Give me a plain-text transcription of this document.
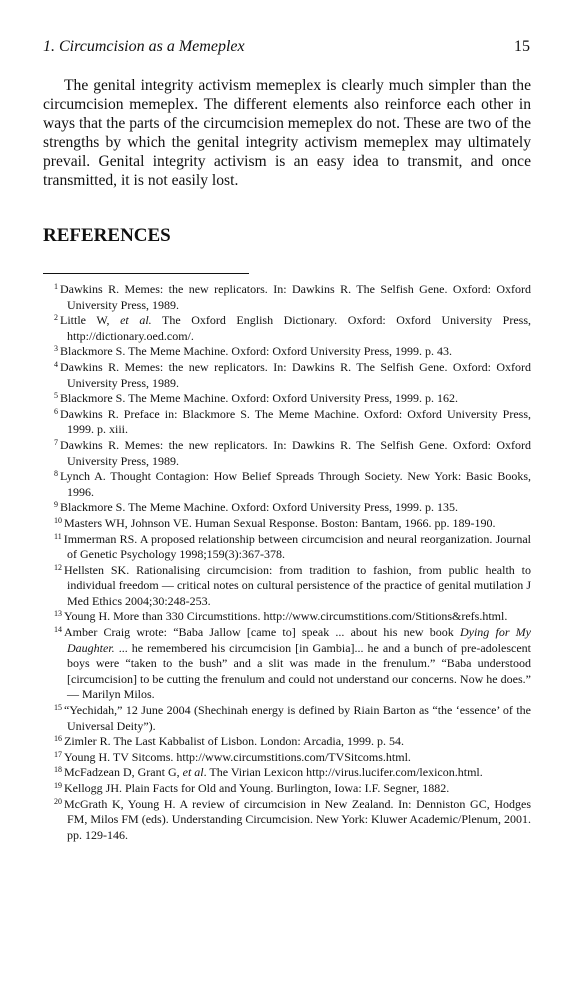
1. Circumcision as a Memeplex	15

The genital integrity activism memeplex is clearly much simpler than the circumcision memeplex. The different elements also reinforce each other in ways that the parts of the circumcision memeplex do not. These are two of the strengths by which the genital integrity activism memeplex may ultimately prevail. Genital integrity activism is an easy idea to transmit, and once transmitted, it is not easily lost.

REFERENCES
$^1$ Dawkins R. Memes: the new replicators. In: Dawkins R. The Selfish Gene. Oxford: Oxford University Press, 1989.
$^2$ Little W, et al. The Oxford English Dictionary. Oxford: Oxford University Press, http://dictionary.oed.com/.
$^3$ Blackmore S. The Meme Machine. Oxford: Oxford University Press, 1999. p. 43.
$^4$ Dawkins R. Memes: the new replicators. In: Dawkins R. The Selfish Gene. Oxford: Oxford University Press, 1989.
$^5$ Blackmore S. The Meme Machine. Oxford: Oxford University Press, 1999. p. 162.
$^6$ Dawkins R. Preface in: Blackmore S. The Meme Machine. Oxford: Oxford University Press, 1999. p. xiii.
$^7$ Dawkins R. Memes: the new replicators. In: Dawkins R. The Selfish Gene. Oxford: Oxford University Press, 1989.
$^8$ Lynch A. Thought Contagion: How Belief Spreads Through Society. New York: Basic Books, 1996.
$^9$ Blackmore S. The Meme Machine. Oxford: Oxford University Press, 1999. p. 135.
$^{10}$ Masters WH, Johnson VE. Human Sexual Response. Boston: Bantam, 1966. pp. 189-190.
$^{11}$ Immerman RS. A proposed relationship between circumcision and neural reorganization. Journal of Genetic Psychology 1998;159(3):367-378.
$^{12}$ Hellsten SK. Rationalising circumcision: from tradition to fashion, from public health to individual freedom — critical notes on cultural persistence of the practice of genital mutilation J Med Ethics 2004;30:248-253.
$^{13}$ Young H. More than 330 Circumstitions. http://www.circumstitions.com/Stitions&refs.html.
$^{14}$ Amber Craig wrote: “Baba Jallow [came to] speak ... about his new book Dying for My Daughter. ... he remembered his circumcision [in Gambia]... he and a bunch of pre-adolescent boys were “taken to the bush” and a slit was made in the frenulum.” “Baba understood [circumcision] to be cutting the frenulum and could not understand our concerns. Now he does.” — Marilyn Milos.
$^{15}$ “Yechidah,” 12 June 2004 (Shechinah energy is defined by Riain Barton as “the ‘essence’ of the Universal Deity”).
$^{16}$ Zimler R. The Last Kabbalist of Lisbon. London: Arcadia, 1999. p. 54.
$^{17}$ Young H. TV Sitcoms. http://www.circumstitions.com/TVSitcoms.html.
$^{18}$ McFadzean D, Grant G, et al. The Virian Lexicon http://virus.lucifer.com/lexicon.html.
$^{19}$ Kellogg JH. Plain Facts for Old and Young. Burlington, Iowa: I.F. Segner, 1882.
$^{20}$ McGrath K, Young H. A review of circumcision in New Zealand. In: Denniston GC, Hodges FM, Milos FM (eds). Understanding Circumcision. New York: Kluwer Academic/Plenum, 2001. pp. 129-146.
